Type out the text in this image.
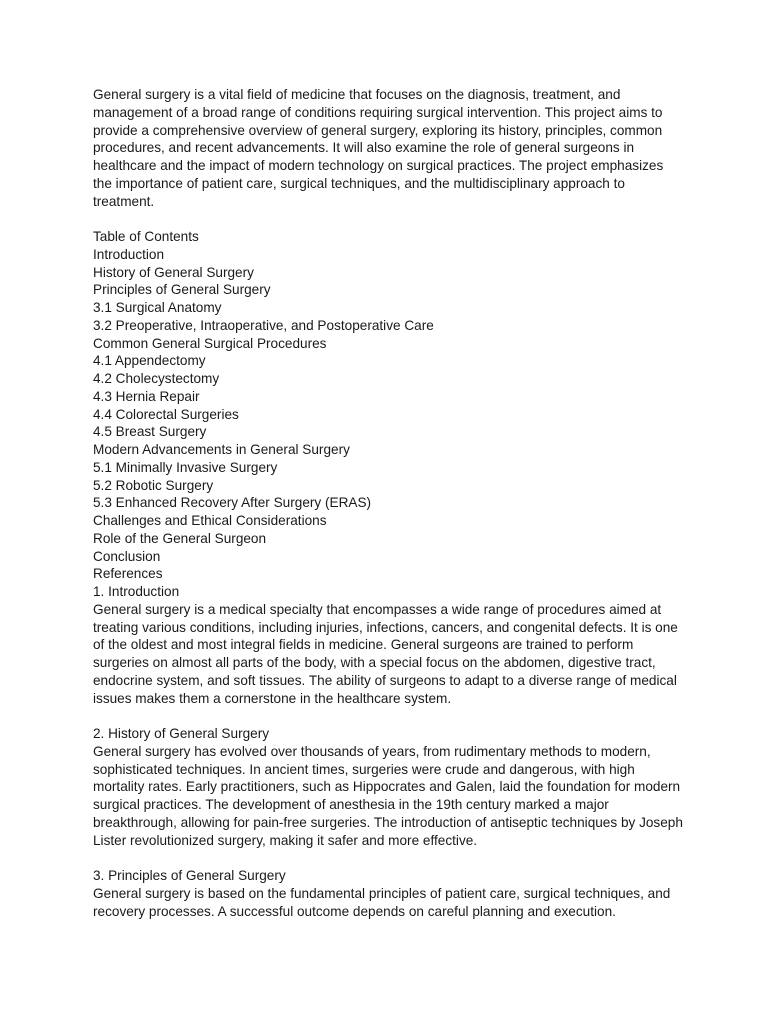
General surgery is a vital field of medicine that focuses on the diagnosis, treatment, and management of a broad range of conditions requiring surgical intervention. This project aims to provide a comprehensive overview of general surgery, exploring its history, principles, common procedures, and recent advancements. It will also examine the role of general surgeons in healthcare and the impact of modern technology on surgical practices. The project emphasizes the importance of patient care, surgical techniques, and the multidisciplinary approach to treatment.

Table of Contents
Introduction
History of General Surgery
Principles of General Surgery
3.1 Surgical Anatomy
3.2 Preoperative, Intraoperative, and Postoperative Care
Common General Surgical Procedures
4.1 Appendectomy
4.2 Cholecystectomy
4.3 Hernia Repair
4.4 Colorectal Surgeries
4.5 Breast Surgery
Modern Advancements in General Surgery
5.1 Minimally Invasive Surgery
5.2 Robotic Surgery
5.3 Enhanced Recovery After Surgery (ERAS)
Challenges and Ethical Considerations
Role of the General Surgeon
Conclusion
References
1. Introduction

General surgery is a medical specialty that encompasses a wide range of procedures aimed at treating various conditions, including injuries, infections, cancers, and congenital defects. It is one of the oldest and most integral fields in medicine. General surgeons are trained to perform surgeries on almost all parts of the body, with a special focus on the abdomen, digestive tract, endocrine system, and soft tissues. The ability of surgeons to adapt to a diverse range of medical issues makes them a cornerstone in the healthcare system.

2. History of General Surgery

General surgery has evolved over thousands of years, from rudimentary methods to modern, sophisticated techniques. In ancient times, surgeries were crude and dangerous, with high mortality rates. Early practitioners, such as Hippocrates and Galen, laid the foundation for modern surgical practices. The development of anesthesia in the 19th century marked a major breakthrough, allowing for pain-free surgeries. The introduction of antiseptic techniques by Joseph Lister revolutionized surgery, making it safer and more effective.

3. Principles of General Surgery

General surgery is based on the fundamental principles of patient care, surgical techniques, and recovery processes. A successful outcome depends on careful planning and execution.
